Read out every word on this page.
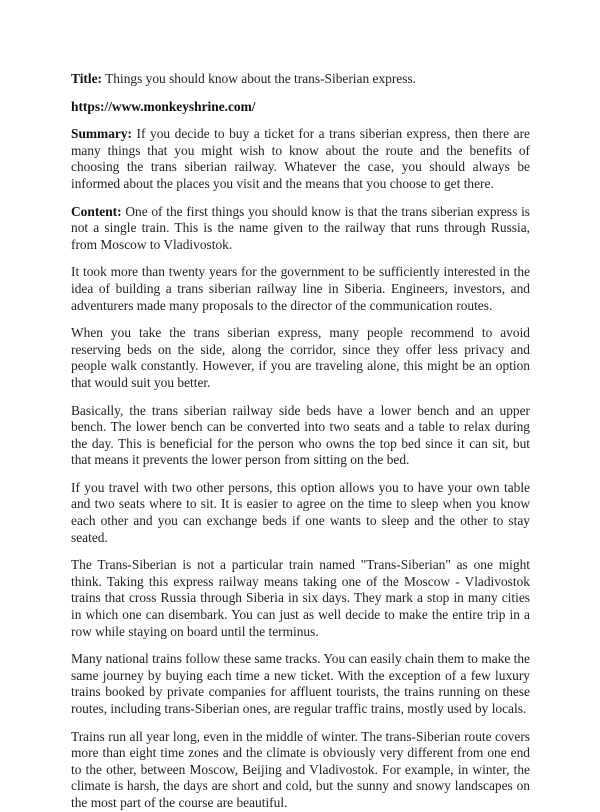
Title: Things you should know about the trans-Siberian express.

https://www.monkeyshrine.com/

Summary: If you decide to buy a ticket for a trans siberian express, then there are many things that you might wish to know about the route and the benefits of choosing the trans siberian railway. Whatever the case, you should always be informed about the places you visit and the means that you choose to get there.

Content: One of the first things you should know is that the trans siberian express is not a single train. This is the name given to the railway that runs through Russia, from Moscow to Vladivostok.

It took more than twenty years for the government to be sufficiently interested in the idea of building a trans siberian railway line in Siberia. Engineers, investors, and adventurers made many proposals to the director of the communication routes.

When you take the trans siberian express, many people recommend to avoid reserving beds on the side, along the corridor, since they offer less privacy and people walk constantly. However, if you are traveling alone, this might be an option that would suit you better.

Basically, the trans siberian railway side beds have a lower bench and an upper bench. The lower bench can be converted into two seats and a table to relax during the day. This is beneficial for the person who owns the top bed since it can sit, but that means it prevents the lower person from sitting on the bed.

If you travel with two other persons, this option allows you to have your own table and two seats where to sit. It is easier to agree on the time to sleep when you know each other and you can exchange beds if one wants to sleep and the other to stay seated.

The Trans-Siberian is not a particular train named "Trans-Siberian" as one might think. Taking this express railway means taking one of the Moscow - Vladivostok trains that cross Russia through Siberia in six days. They mark a stop in many cities in which one can disembark. You can just as well decide to make the entire trip in a row while staying on board until the terminus.

Many national trains follow these same tracks. You can easily chain them to make the same journey by buying each time a new ticket. With the exception of a few luxury trains booked by private companies for affluent tourists, the trains running on these routes, including trans-Siberian ones, are regular traffic trains, mostly used by locals.

Trains run all year long, even in the middle of winter. The trans-Siberian route covers more than eight time zones and the climate is obviously very different from one end to the other, between Moscow, Beijing and Vladivostok. For example, in winter, the climate is harsh, the days are short and cold, but the sunny and snowy landscapes on the most part of the course are beautiful.
